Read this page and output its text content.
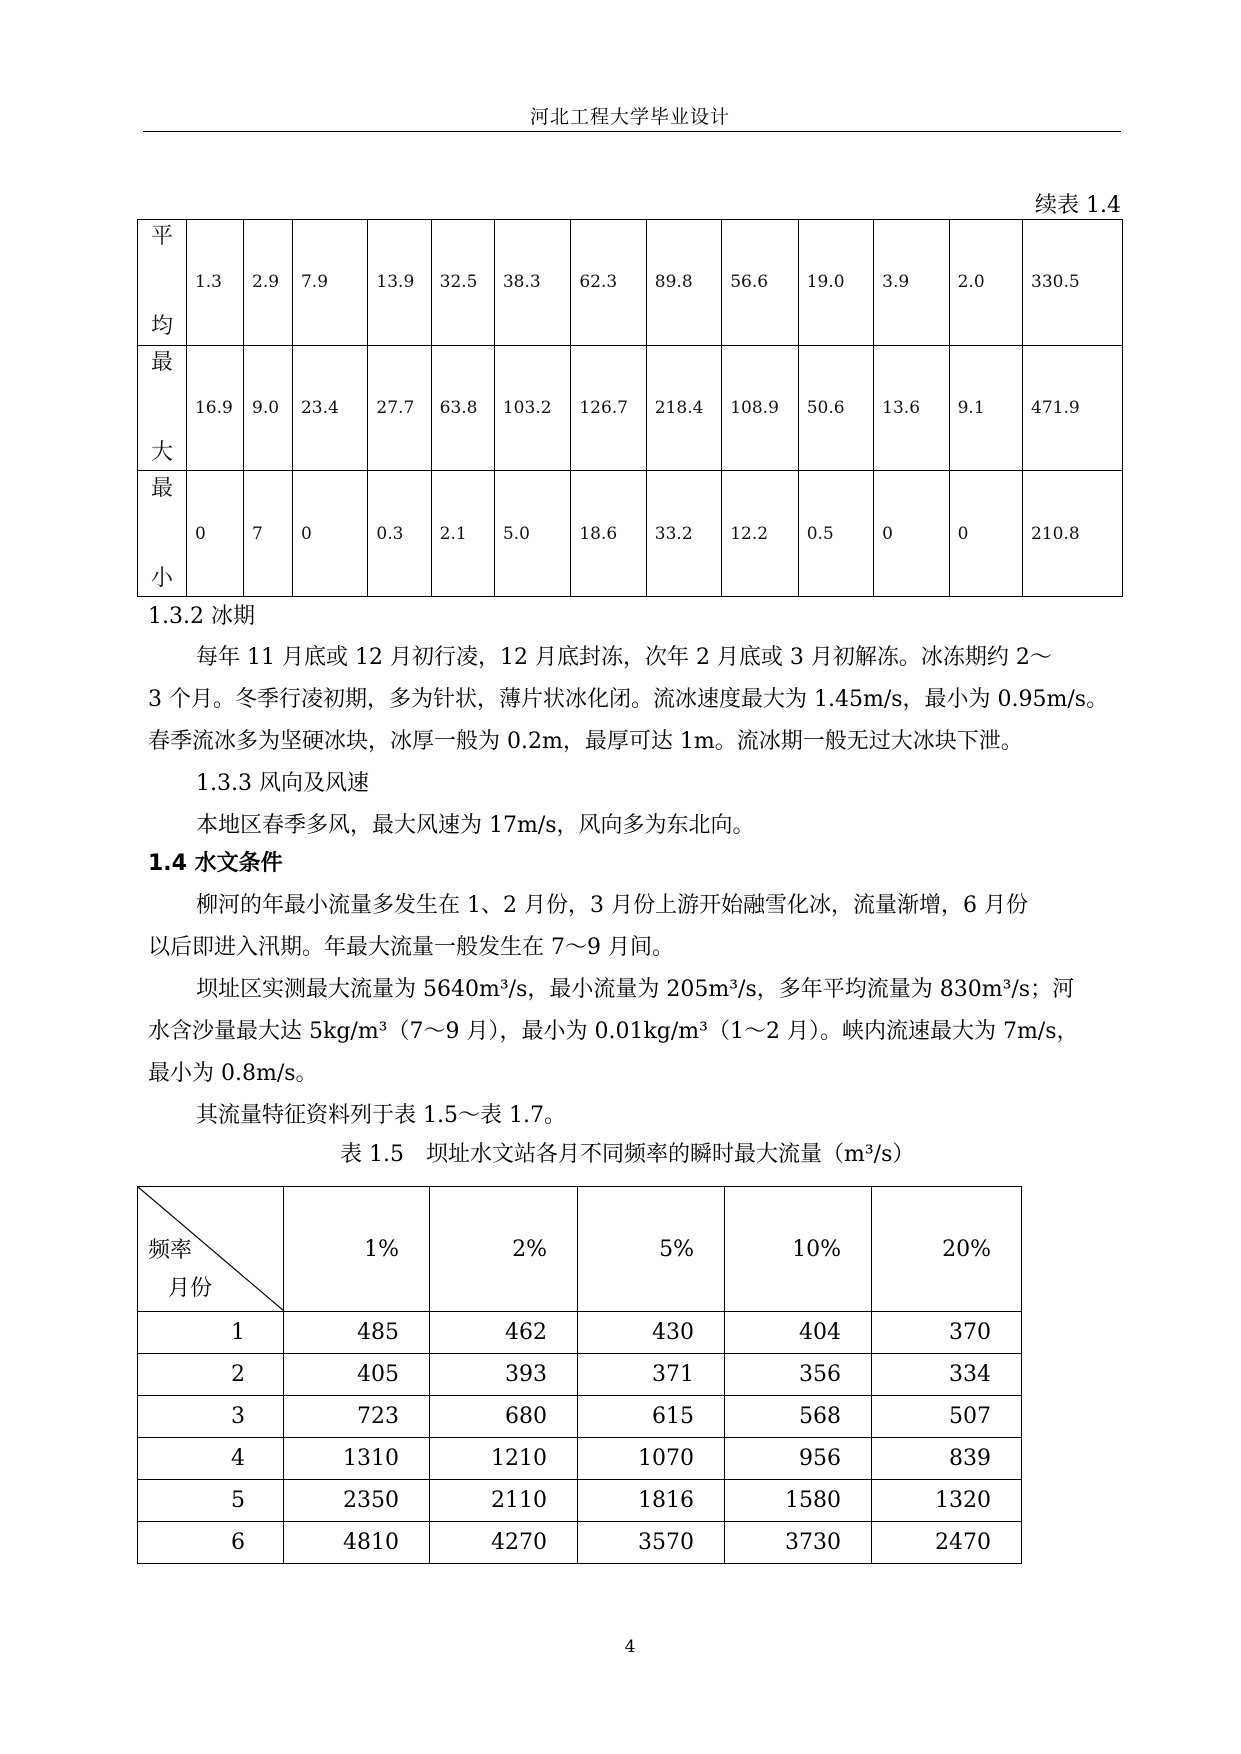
河北工程大学毕业设计
续表 1.4
平
均	1.3	2.9	7.9	13.9	32.5	38.3	62.3	89.8	56.6	19.0	3.9	2.0	330.5

最
大	16.9	9.0	23.4	27.7	63.8	103.2	126.7	218.4	108.9	50.6	13.6	9.1	471.9

最
小	0	7	0	0.3	2.1	5.0	18.6	33.2	12.2	0.5	0	0	210.8
1.3.2 冰期
每年 11 月底或 12 月初行凌，12 月底封冻，次年 2 月底或 3 月初解冻。冰冻期约 2～
3 个月。冬季行凌初期，多为针状，薄片状冰化闭。流冰速度最大为 1.45m/s，最小为 0.95m/s。
春季流冰多为坚硬冰块，冰厚一般为 0.2m，最厚可达 1m。流冰期一般无过大冰块下泄。
1.3.3 风向及风速
本地区春季多风，最大风速为 17m/s，风向多为东北向。
1.4 水文条件
柳河的年最小流量多发生在 1、2 月份，3 月份上游开始融雪化冰，流量渐增，6 月份
以后即进入汛期。年最大流量一般发生在 7～9 月间。
坝址区实测最大流量为 5640m³/s，最小流量为 205m³/s，多年平均流量为 830m³/s；河
水含沙量最大达 5kg/m³（7～9 月），最小为 0.01kg/m³（1～2 月）。峡内流速最大为 7m/s，
最小为 0.8m/s。
其流量特征资料列于表 1.5～表 1.7。
表 1.5　坝址水文站各月不同频率的瞬时最大流量（m³/s）
频率
月份	1%	2%	5%	10%	20%
1	485	462	430	404	370
2	405	393	371	356	334
3	723	680	615	568	507
4	1310	1210	1070	956	839
5	2350	2110	1816	1580	1320
6	4810	4270	3570	3730	2470
4
